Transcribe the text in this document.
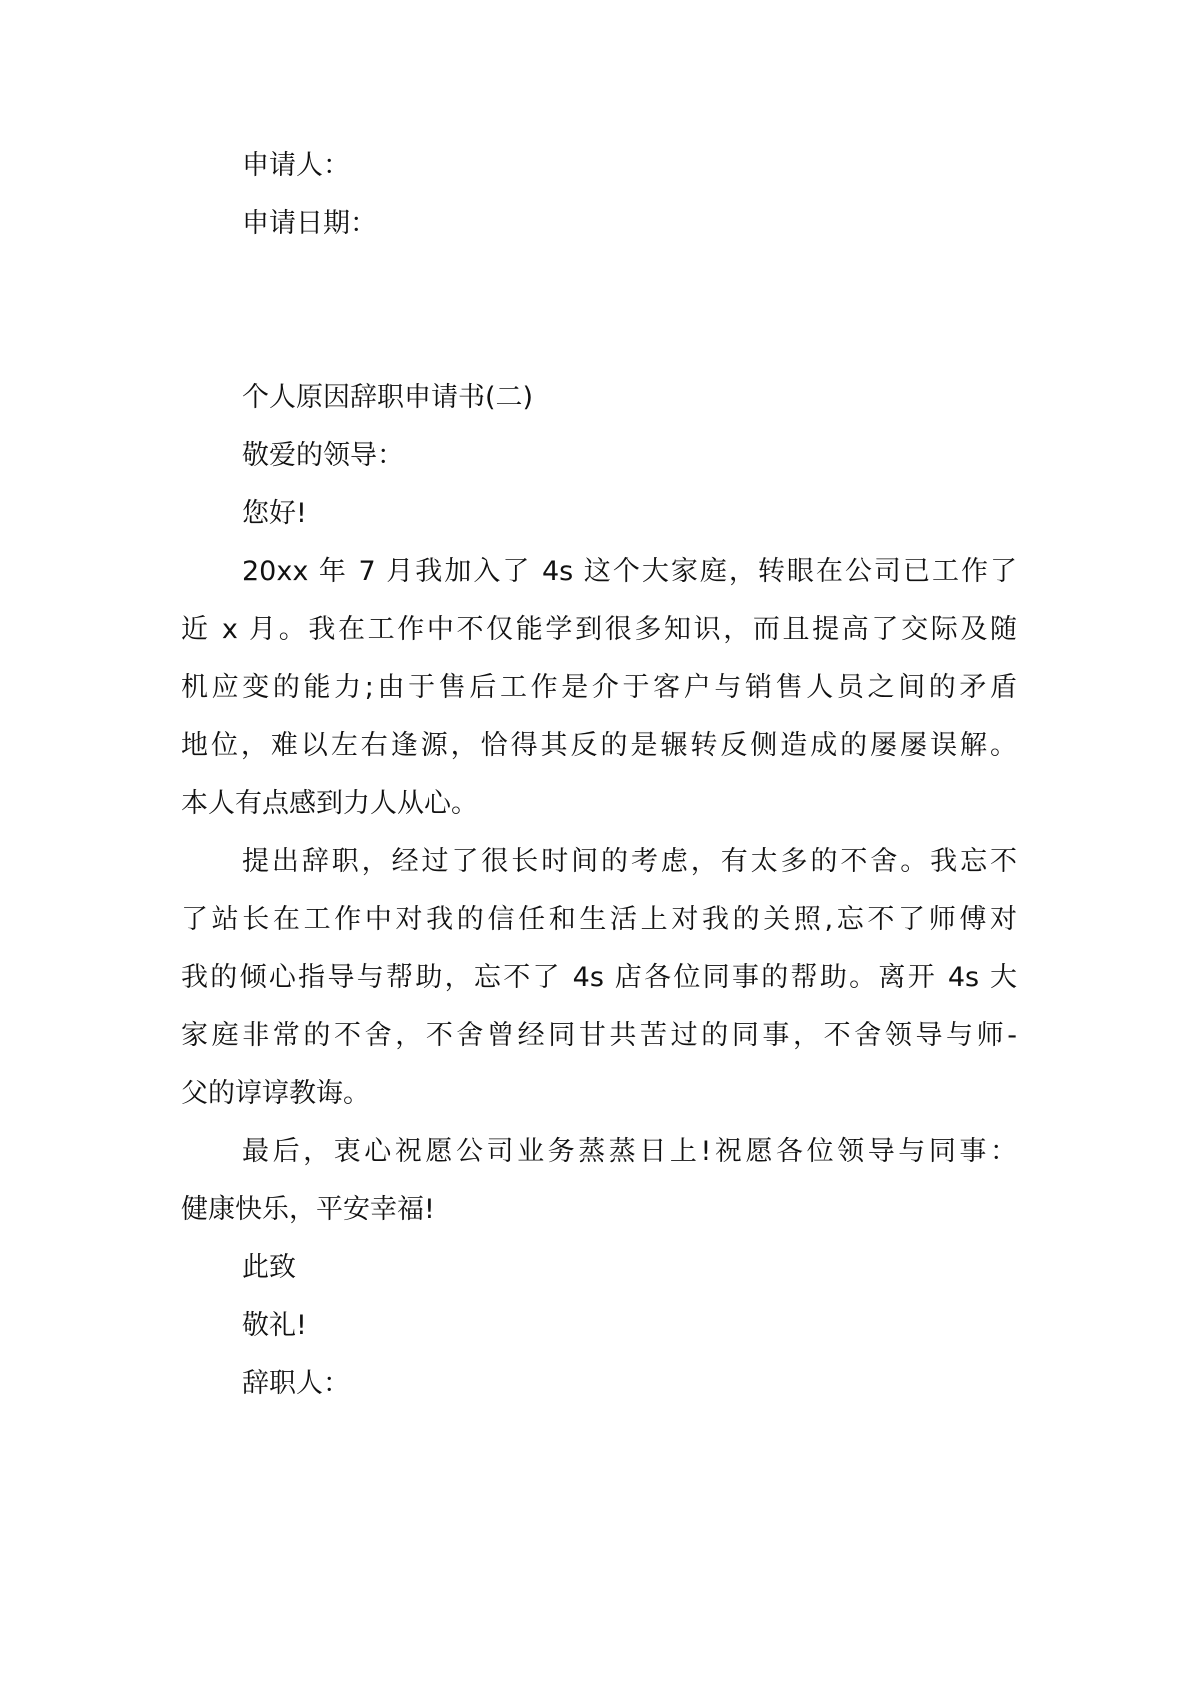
申请人：
申请日期：
个人原因辞职申请书(二)
敬爱的领导：
您好!
20xx 年 7 月我加入了 4s 这个大家庭，转眼在公司已工作了
近 x 月。我在工作中不仅能学到很多知识，而且提高了交际及随
机应变的能力;由于售后工作是介于客户与销售人员之间的矛盾
地位，难以左右逢源，恰得其反的是辗转反侧造成的屡屡误解。
本人有点感到力人从心。
提出辞职，经过了很长时间的考虑，有太多的不舍。我忘不
了站长在工作中对我的信任和生活上对我的关照,忘不了师傅对
我的倾心指导与帮助，忘不了 4s 店各位同事的帮助。离开 4s 大
家庭非常的不舍，不舍曾经同甘共苦过的同事，不舍领导与师-
父的谆谆教诲。
最后，衷心祝愿公司业务蒸蒸日上!祝愿各位领导与同事：
健康快乐，平安幸福!
此致
敬礼!
辞职人：
